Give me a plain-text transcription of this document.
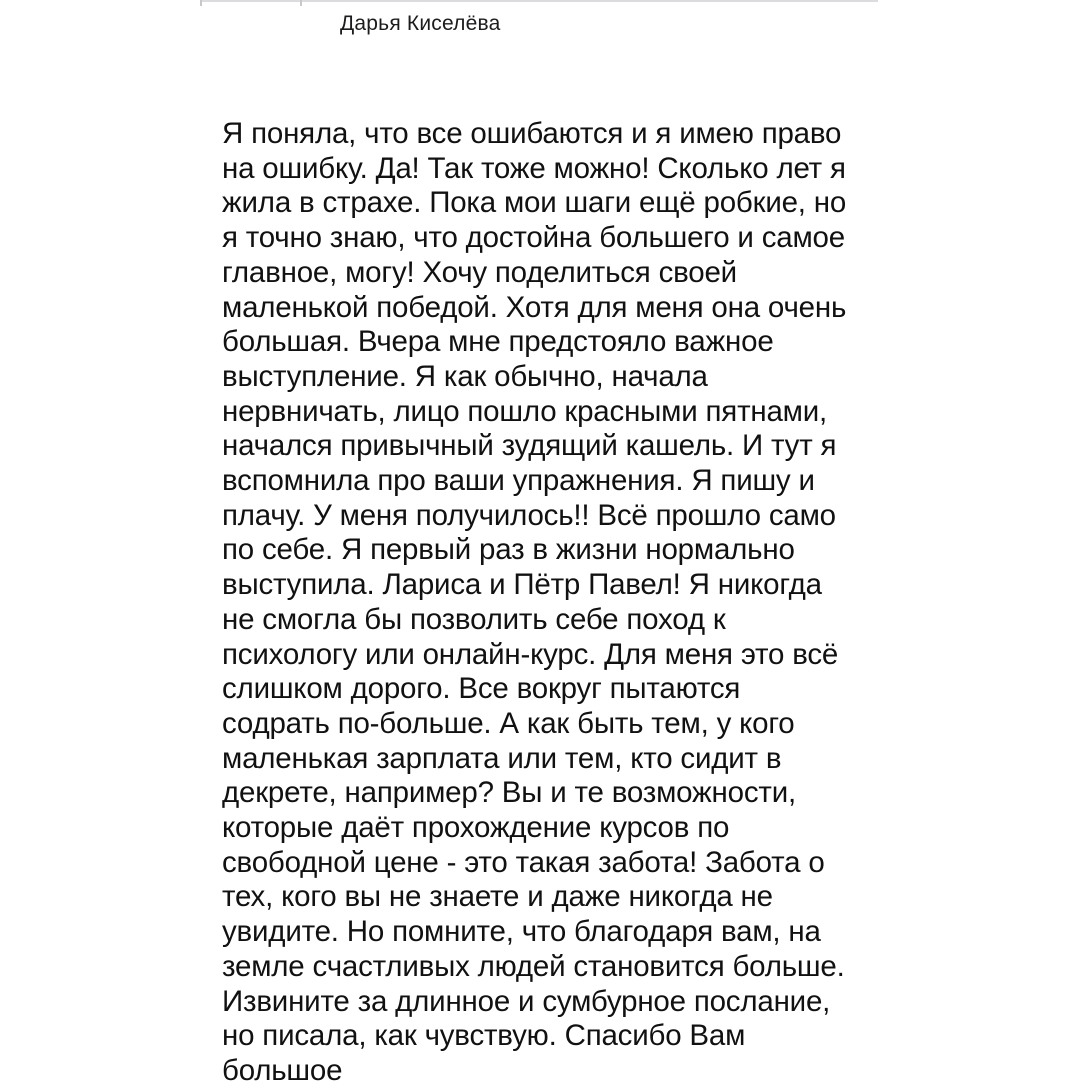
Дарья Киселёва
Я поняла, что все ошибаются и я имею право
на ошибку. Да! Так тоже можно! Сколько лет я
жила в страхе. Пока мои шаги ещё робкие, но
я точно знаю, что достойна большего и самое
главное, могу! Хочу поделиться своей
маленькой победой. Хотя для меня она очень
большая. Вчера мне предстояло важное
выступление. Я как обычно, начала
нервничать, лицо пошло красными пятнами,
начался привычный зудящий кашель. И тут я
вспомнила про ваши упражнения. Я пишу и
плачу. У меня получилось!! Всё прошло само
по себе. Я первый раз в жизни нормально
выступила. Лариса и Пётр Павел! Я никогда
не смогла бы позволить себе поход к
психологу или онлайн-курс. Для меня это всё
слишком дорого. Все вокруг пытаются
содрать по-больше. А как быть тем, у кого
маленькая зарплата или тем, кто сидит в
декрете, например? Вы и те возможности,
которые даёт прохождение курсов по
свободной цене - это такая забота! Забота о
тех, кого вы не знаете и даже никогда не
увидите. Но помните, что благодаря вам, на
земле счастливых людей становится больше.
Извините за длинное и сумбурное послание,
но писала, как чувствую. Спасибо Вам
большое
